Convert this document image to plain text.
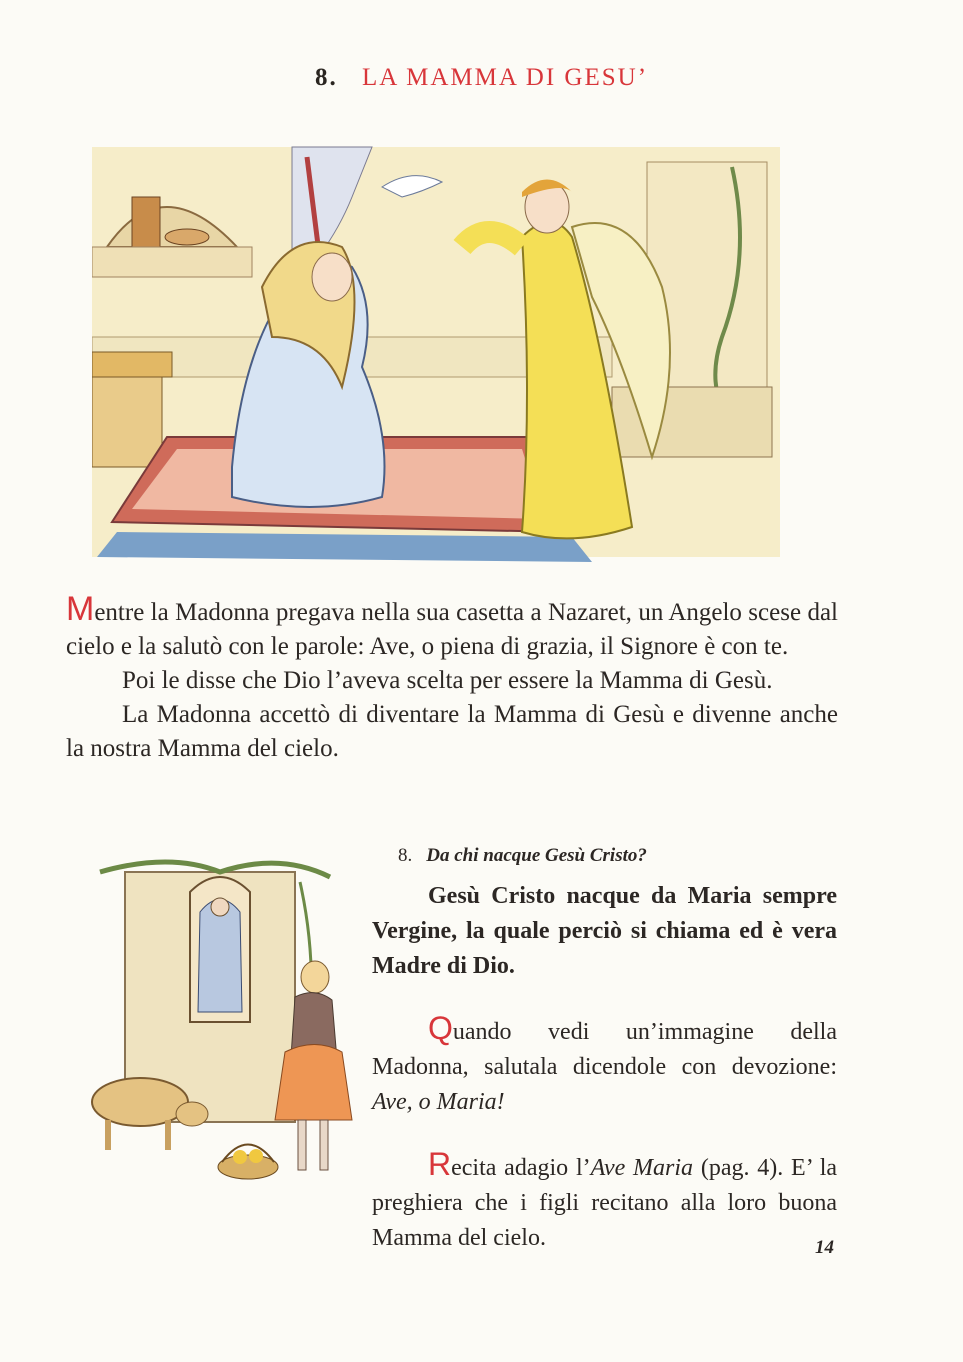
8. LA MAMMA DI GESU’

Mentre la Madonna pregava nella sua casetta a Nazaret, un Angelo scese dal cielo e la salutò con le parole: Ave, o piena di grazia, il Signore è con te.

Poi le disse che Dio l’aveva scelta per essere la Mamma di Gesù.

La Madonna accettò di diventare la Mamma di Gesù e divenne anche la nostra Mamma del cielo.

8. Da chi nacque Gesù Cristo?

Gesù Cristo nacque da Maria sempre Vergine, la quale perciò si chiama ed è vera Madre di Dio.

Quando vedi un’immagine della Madonna, salutala dicendole con devozione: Ave, o Maria!

Recita adagio l’Ave Maria (pag. 4). E’ la preghiera che i figli recitano alla loro buona Mamma del cielo.	14
